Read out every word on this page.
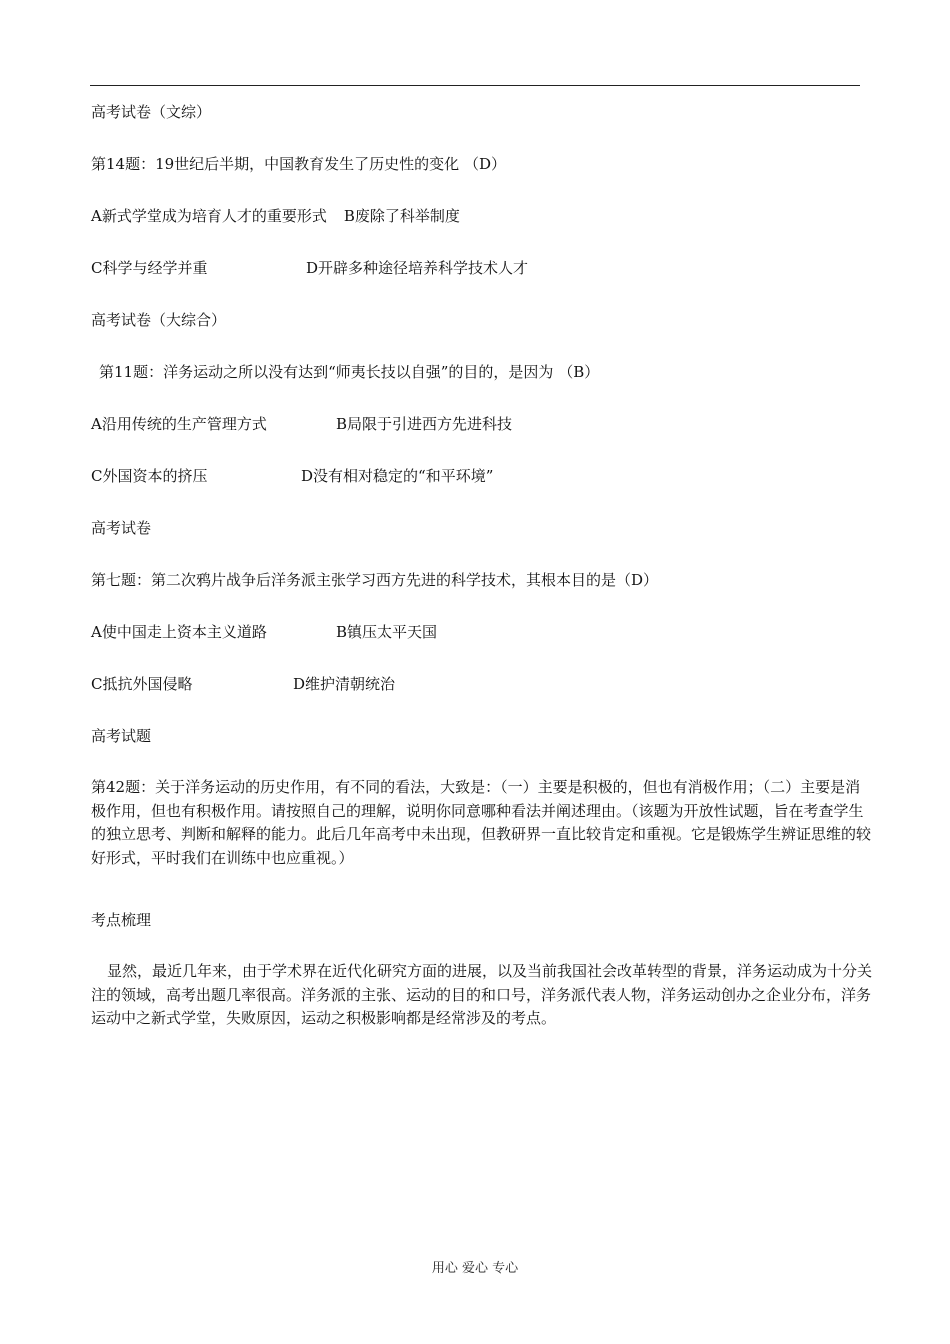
高考试卷（文综）
第14题：19世纪后半期，中国教育发生了历史性的变化 （D）
A新式学堂成为培育人才的重要形式 B废除了科举制度
C科学与经学并重	D开辟多种途径培养科学技术人才
高考试卷（大综合）
第11题：洋务运动之所以没有达到“师夷长技以自强”的目的，是因为 （B）
A沿用传统的生产管理方式	B局限于引进西方先进科技
C外国资本的挤压	D没有相对稳定的“和平环境”
高考试卷
第七题：第二次鸦片战争后洋务派主张学习西方先进的科学技术，其根本目的是（D）
A使中国走上资本主义道路	B镇压太平天国
C抵抗外国侵略	D维护清朝统治
高考试题
第42题：关于洋务运动的历史作用，有不同的看法，大致是：（一）主要是积极的，但也有消极作用；（二）主要是消极作用，但也有积极作用。请按照自己的理解，说明你同意哪种看法并阐述理由。（该题为开放性试题，旨在考查学生的独立思考、判断和解释的能力。此后几年高考中未出现，但教研界一直比较肯定和重视。它是锻炼学生辨证思维的较好形式，平时我们在训练中也应重视。）
考点梳理
显然，最近几年来，由于学术界在近代化研究方面的进展，以及当前我国社会改革转型的背景，洋务运动成为十分关注的领域，高考出题几率很高。洋务派的主张、运动的目的和口号，洋务派代表人物，洋务运动创办之企业分布，洋务运动中之新式学堂，失败原因，运动之积极影响都是经常涉及的考点。
用心 爱心 专心
